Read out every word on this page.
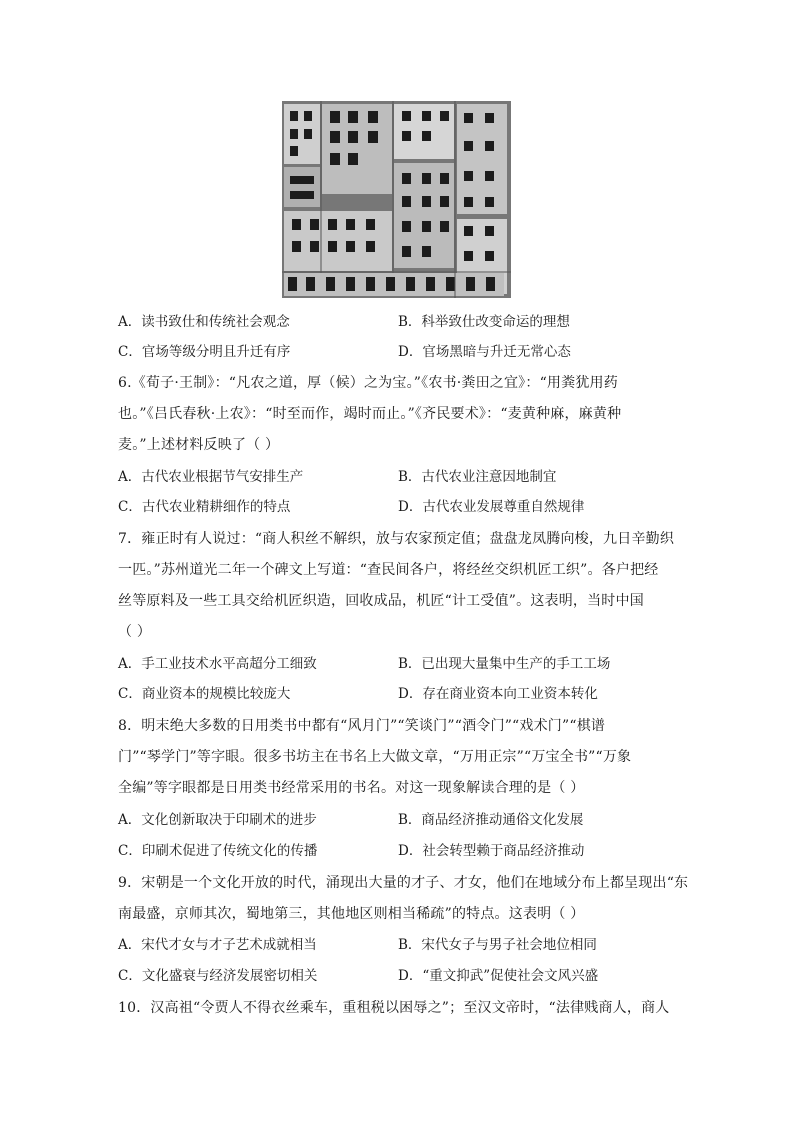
A．读书致仕和传统社会观念	B．科举致仕改变命运的理想
C．官场等级分明且升迁有序	D．官场黑暗与升迁无常心态
6.《荀子·王制》：“凡农之道，厚（候）之为宝。”《农书·粪田之宜》：“用粪犹用药
也。”《吕氏春秋·上农》：“时至而作，竭时而止。”《齐民要术》：“麦黄种麻，麻黄种
麦。”上述材料反映了（ ）
A．古代农业根据节气安排生产	B．古代农业注意因地制宜
C．古代农业精耕细作的特点	D．古代农业发展尊重自然规律
7．雍正时有人说过：“商人积丝不解织，放与农家预定值；盘盘龙凤腾向梭，九日辛勤织
一匹。”苏州道光二年一个碑文上写道：“查民间各户，将经丝交织机匠工织”。各户把经
丝等原料及一些工具交给机匠织造，回收成品，机匠“计工受值”。这表明，当时中国
（ ）
A．手工业技术水平高超分工细致	B．已出现大量集中生产的手工工场
C．商业资本的规模比较庞大	D．存在商业资本向工业资本转化
8．明末绝大多数的日用类书中都有“风月门”“笑谈门”“酒令门”“戏术门”“棋谱
门”“琴学门”等字眼。很多书坊主在书名上大做文章，“万用正宗”“万宝全书”“万象
全编”等字眼都是日用类书经常采用的书名。对这一现象解读合理的是（ ）
A．文化创新取决于印刷术的进步	B．商品经济推动通俗文化发展
C．印刷术促进了传统文化的传播	D．社会转型赖于商品经济推动
9．宋朝是一个文化开放的时代，涌现出大量的才子、才女，他们在地域分布上都呈现出“东
南最盛，京师其次，蜀地第三，其他地区则相当稀疏”的特点。这表明（ ）
A．宋代才女与才子艺术成就相当	B．宋代女子与男子社会地位相同
C．文化盛衰与经济发展密切相关	D．“重文抑武”促使社会文风兴盛
10．汉高祖“令贾人不得衣丝乘车，重租税以困辱之”；至汉文帝时，“法律贱商人，商人
